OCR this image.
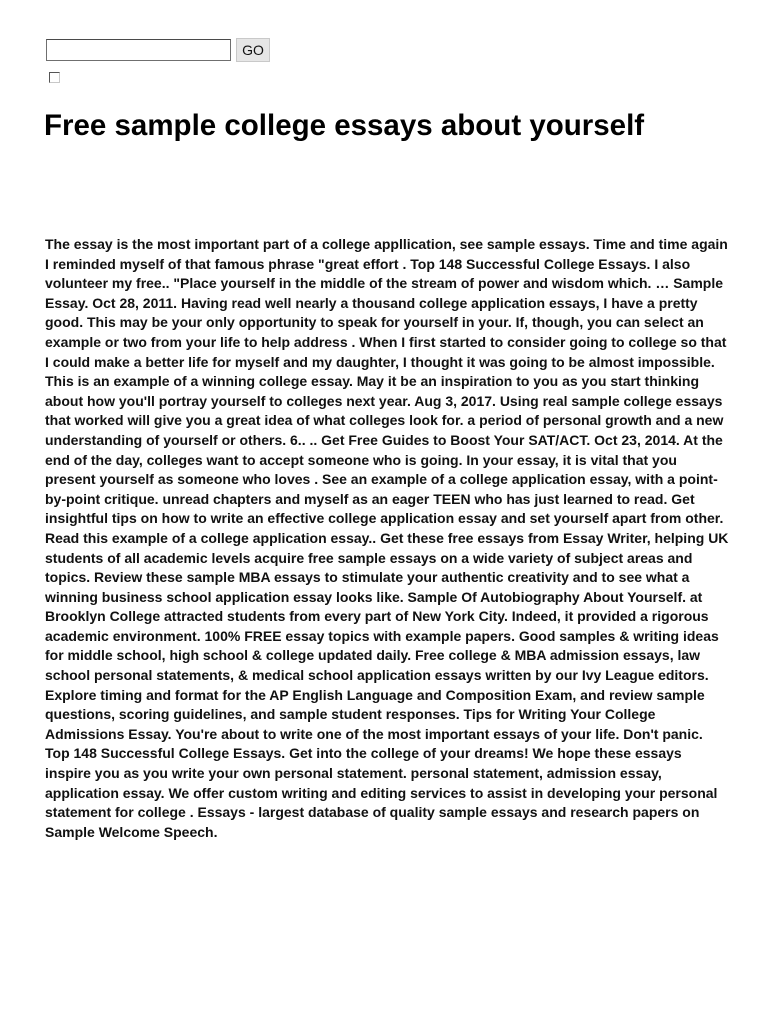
GO
Free sample college essays about yourself

The essay is the most important part of a college appllication, see sample essays. Time and time again I reminded myself of that famous phrase "great effort . Top 148 Successful College Essays. I also volunteer my free.. "Place yourself in the middle of the stream of power and wisdom which. … Sample Essay. Oct 28, 2011. Having read well nearly a thousand college application essays, I have a pretty good. This may be your only opportunity to speak for yourself in your. If, though, you can select an example or two from your life to help address . When I first started to consider going to college so that I could make a better life for myself and my daughter, I thought it was going to be almost impossible. This is an example of a winning college essay. May it be an inspiration to you as you start thinking about how you'll portray yourself to colleges next year. Aug 3, 2017. Using real sample college essays that worked will give you a great idea of what colleges look for. a period of personal growth and a new understanding of yourself or others. 6.. .. Get Free Guides to Boost Your SAT/ACT. Oct 23, 2014. At the end of the day, colleges want to accept someone who is going. In your essay, it is vital that you present yourself as someone who loves . See an example of a college application essay, with a point-by-point critique. unread chapters and myself as an eager TEEN who has just learned to read. Get insightful tips on how to write an effective college application essay and set yourself apart from other. Read this example of a college application essay.. Get these free essays from Essay Writer, helping UK students of all academic levels acquire free sample essays on a wide variety of subject areas and topics. Review these sample MBA essays to stimulate your authentic creativity and to see what a winning business school application essay looks like. Sample Of Autobiography About Yourself. at Brooklyn College attracted students from every part of New York City. Indeed, it provided a rigorous academic environment. 100% FREE essay topics with example papers. Good samples & writing ideas for middle school, high school & college updated daily. Free college & MBA admission essays, law school personal statements, & medical school application essays written by our Ivy League editors. Explore timing and format for the AP English Language and Composition Exam, and review sample questions, scoring guidelines, and sample student responses. Tips for Writing Your College Admissions Essay. You're about to write one of the most important essays of your life. Don't panic. Top 148 Successful College Essays. Get into the college of your dreams! We hope these essays inspire you as you write your own personal statement. personal statement, admission essay, application essay. We offer custom writing and editing services to assist in developing your personal statement for college . Essays - largest database of quality sample essays and research papers on Sample Welcome Speech.
